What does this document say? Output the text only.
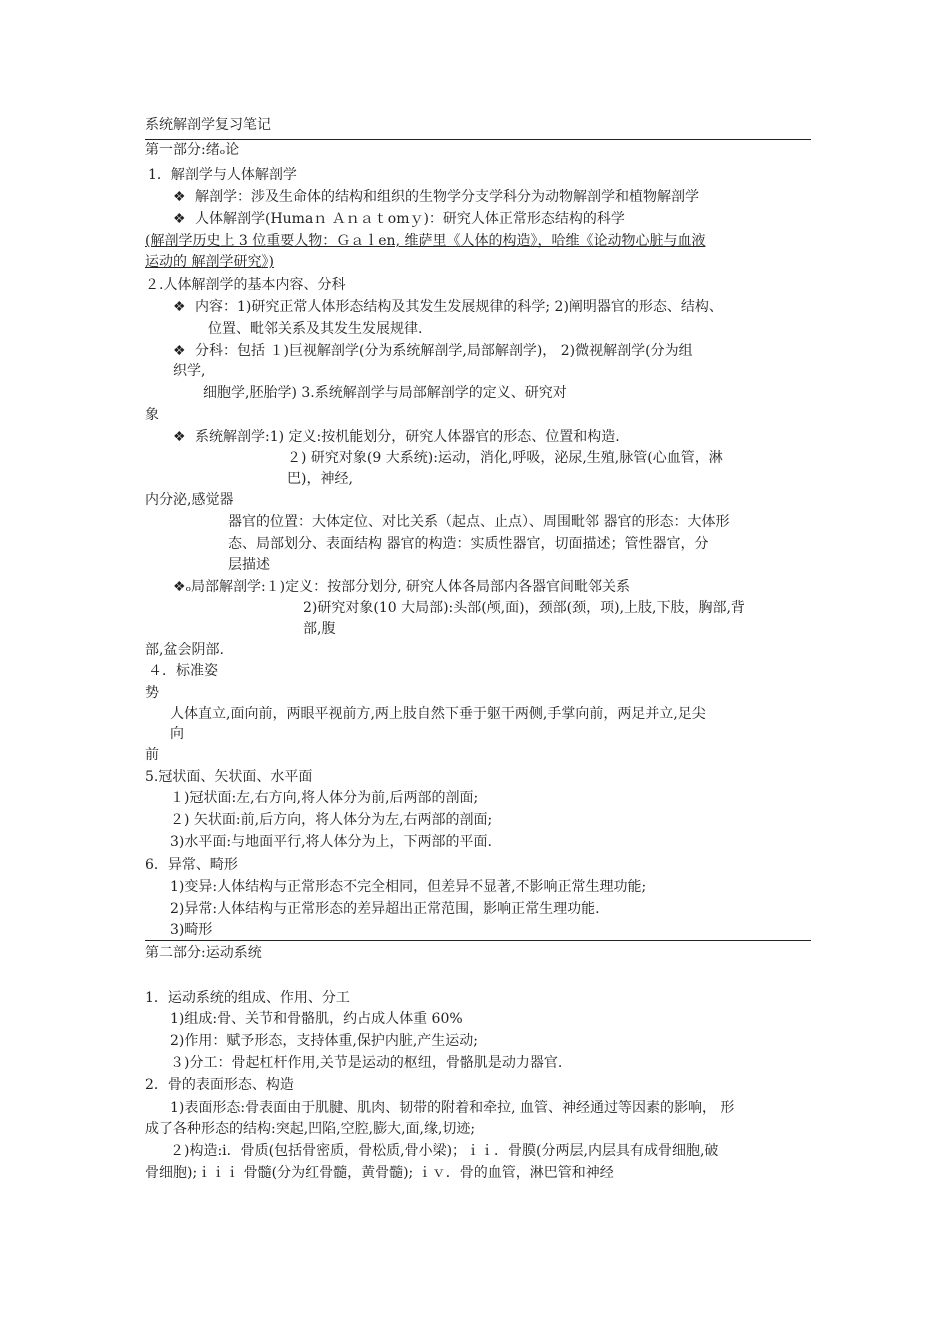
系统解剖学复习笔记
第一部分:绪ₒ论
1．解剖学与人体解剖学
❖ 解剖学：涉及生命体的结构和组织的生物学分支学科分为动物解剖学和植物解剖学
❖ 人体解剖学(Humaｎ Ａｎａｔomｙ)：研究人体正常形态结构的科学
(解剖学历史上 3 位重要人物：Ｇａｌen, 维萨里《人体的构造》，哈维《论动物心脏与血液
运动的 解剖学研究》)
２.人体解剖学的基本内容、分科
❖ 内容：1)研究正常人体形态结构及其发生发展规律的科学; 2)阐明器官的形态、结构、
位置、毗邻关系及其发生发展规律.
❖ 分科：包括 １)巨视解剖学(分为系统解剖学,局部解剖学)， 2)微视解剖学(分为组
织学,
细胞学,胚胎学) 3.系统解剖学与局部解剖学的定义、研究对
象
❖ 系统解剖学:1) 定义:按机能划分，研究人体器官的形态、位置和构造.
２) 研究对象(9 大系统):运动，消化,呼吸，泌尿,生殖,脉管(心血管，淋
巴)，神经,
内分泌,感觉器
器官的位置：大体定位、对比关系（起点、止点）、周围毗邻 器官的形态：大体形
态、局部划分、表面结构 器官的构造：实质性器官，切面描述；管性器官，分
层描述
❖ₒ局部解剖学:１)定义：按部分划分, 研究人体各局部内各器官间毗邻关系
2)研究对象(10 大局部):头部(颅,面)，颈部(颈，项),上肢,下肢，胸部,背
部,腹
部,盆会阴部.
４．标准姿
势
人体直立,面向前，两眼平视前方,两上肢自然下垂于躯干两侧,手掌向前，两足并立,足尖
向
前
5.冠状面、矢状面、水平面
１)冠状面:左,右方向,将人体分为前,后两部的剖面;
２) 矢状面:前,后方向，将人体分为左,右两部的剖面;
3)水平面:与地面平行,将人体分为上，下两部的平面.
6．异常、畸形
1)变异:人体结构与正常形态不完全相同，但差异不显著,不影响正常生理功能;
2)异常:人体结构与正常形态的差异超出正常范围，影响正常生理功能.
3)畸形
第二部分:运动系统
1．运动系统的组成、作用、分工
1)组成:骨、关节和骨骼肌，约占成人体重 60%
2)作用：赋予形态，支持体重,保护内脏,产生运动;
３)分工：骨起杠杆作用,关节是运动的枢纽，骨骼肌是动力器官.
2．骨的表面形态、构造
1)表面形态:骨表面由于肌腱、肌肉、韧带的附着和牵拉, 血管、神经通过等因素的影响， 形
成了各种形态的结构:突起,凹陷,空腔,膨大,面,缘,切迹;
２)构造:i．骨质(包括骨密质，骨松质,骨小梁)；ｉｉ．骨膜(分两层,内层具有成骨细胞,破
骨细胞);ｉｉｉ 骨髓(分为红骨髓，黄骨髓); ｉｖ．骨的血管，淋巴管和神经
